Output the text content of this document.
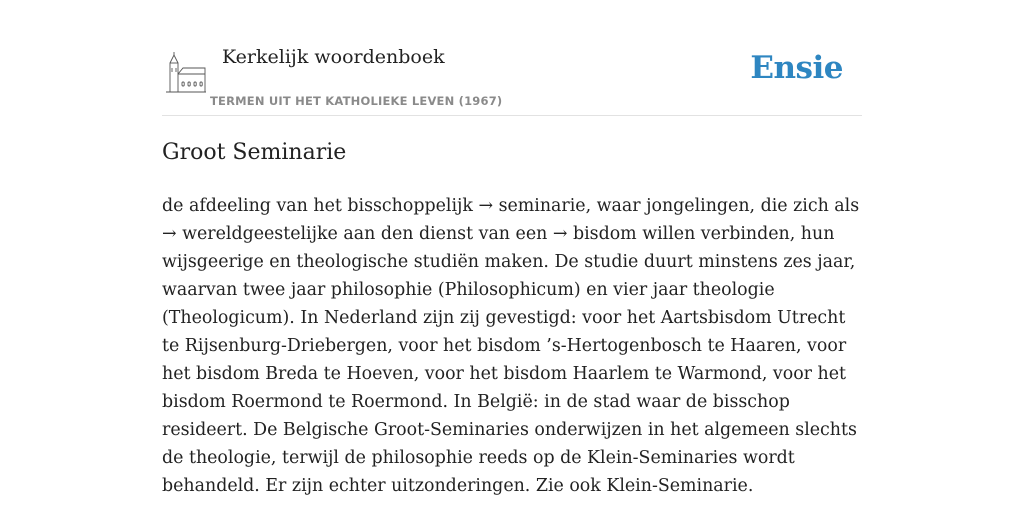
Kerkelijk woordenboek
TERMEN UIT HET KATHOLIEKE LEVEN (1967)
Ensie
Groot Seminarie

de afdeeling van het bisschoppelijk → seminarie, waar jongelingen, die zich als → wereldgeestelijke aan den dienst van een → bisdom willen verbinden, hun wijsgeerige en theologische studiën maken. De studie duurt minstens zes jaar, waarvan twee jaar philosophie (Philosophicum) en vier jaar theologie (Theologicum). In Nederland zijn zij gevestigd: voor het Aartsbisdom Utrecht te Rijsenburg-Driebergen, voor het bisdom ’s-Hertogenbosch te Haaren, voor het bisdom Breda te Hoeven, voor het bisdom Haarlem te Warmond, voor het bisdom Roermond te Roermond. In België: in de stad waar de bisschop resideert. De Belgische Groot-Seminaries onderwijzen in het algemeen slechts de theologie, terwijl de philosophie reeds op de Klein-Seminaries wordt behandeld. Er zijn echter uitzonderingen. Zie ook Klein-Seminarie.
